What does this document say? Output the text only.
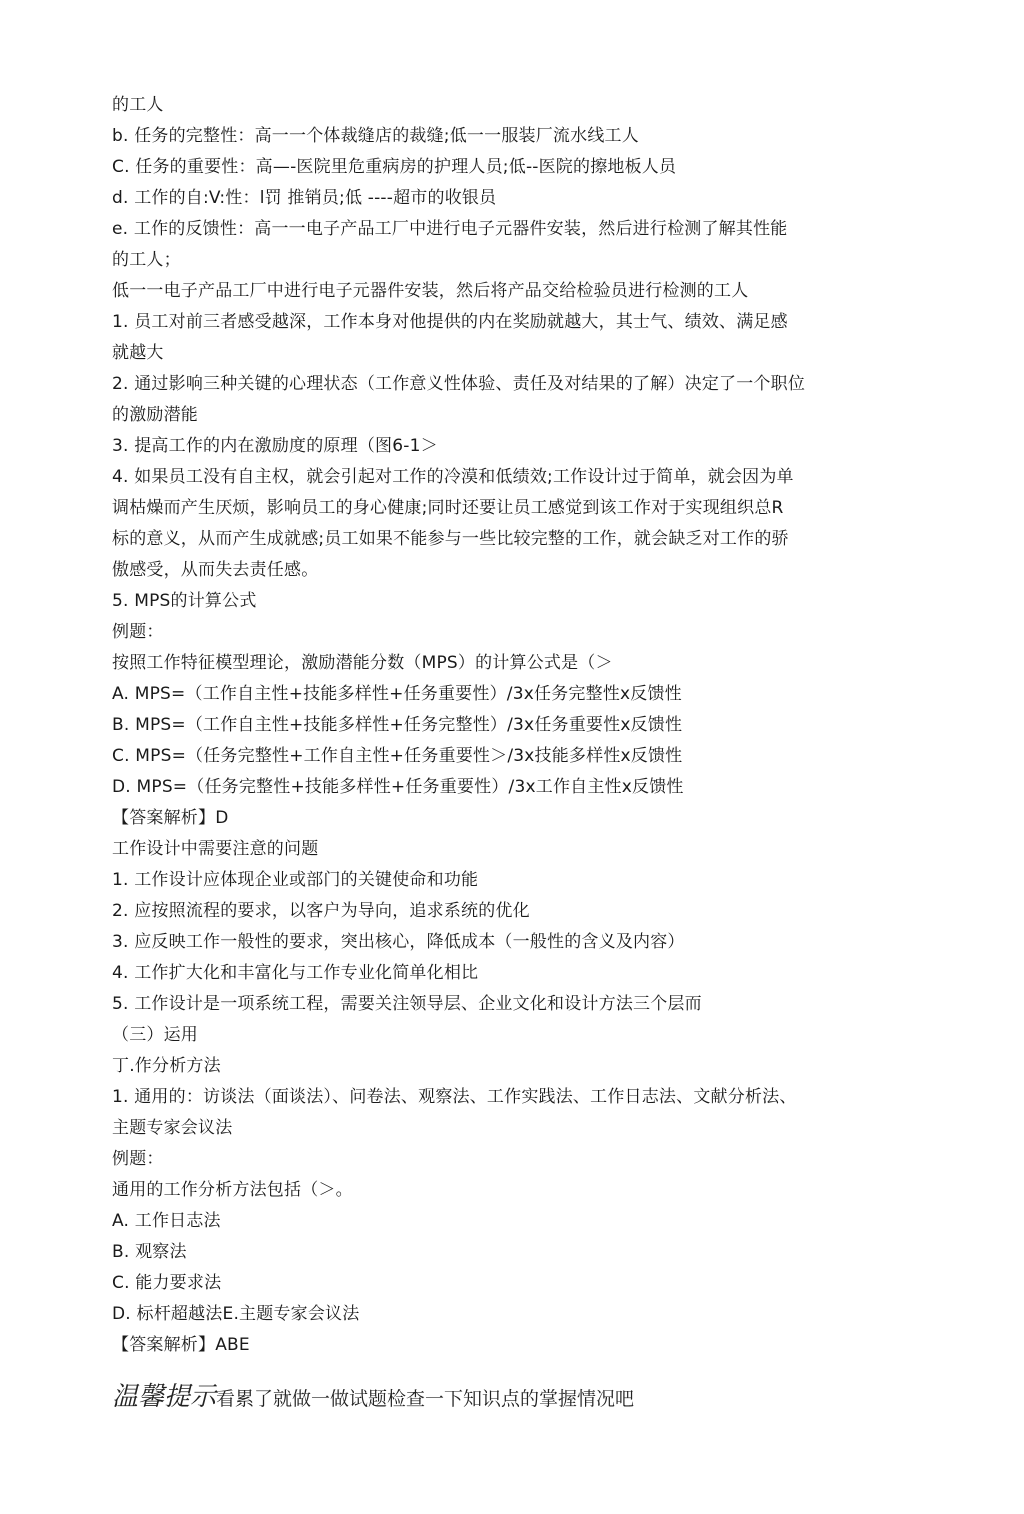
的工人
b. 任务的完整性：高一一个体裁缝店的裁缝;低一一服装厂流水线工人
C. 任务的重要性：高—-医院里危重病房的护理人员;低--医院的擦地板人员
d. 工作的自:V:性：l罚 推销员;低 ----超市的收银员
e. 工作的反馈性：高一一电子产品工厂中进行电子元器件安装，然后进行检测了解其性能
的工人；
低一一电子产品工厂中进行电子元器件安装，然后将产品交给检验员进行检测的工人
1. 员工对前三者感受越深，工作本身对他提供的内在奖励就越大，其士气、绩效、满足感
就越大
2. 通过影响三种关键的心理状态（工作意义性体验、责任及对结果的了解）决定了一个职位
的激励潜能
3. 提高工作的内在激励度的原理（图6-1＞
4. 如果员工没有自主权，就会引起对工作的冷漠和低绩效;工作设计过于简单，就会因为单
调枯燥而产生厌烦，影响员工的身心健康;同时还要让员工感觉到该工作对于实现组织总R
标的意义，从而产生成就感;员工如果不能参与一些比较完整的工作，就会缺乏对工作的骄
傲感受，从而失去责任感。
5. MPS的计算公式
例题：
按照工作特征模型理论，激励潜能分数（MPS）的计算公式是（＞
A. MPS=（工作自主性+技能多样性+任务重要性）/3x任务完整性x反馈性
B. MPS=（工作自主性+技能多样性+任务完整性）/3x任务重要性x反馈性
C. MPS=（任务完整性+工作自主性+任务重要性＞/3x技能多样性x反馈性
D. MPS=（任务完整性+技能多样性+任务重要性）/3x工作自主性x反馈性
【答案解析】D
工作设计中需要注意的问题
1. 工作设计应体现企业或部门的关键使命和功能
2. 应按照流程的要求，以客户为导向，追求系统的优化
3. 应反映工作一般性的要求，突出核心，降低成本（一般性的含义及内容）
4. 工作扩大化和丰富化与工作专业化简单化相比
5. 工作设计是一项系统工程，需要关注领导层、企业文化和设计方法三个层而
（三）运用
丁.作分析方法
1. 通用的：访谈法（面谈法）、问卷法、观察法、工作实践法、工作日志法、文献分析法、
主题专家会议法
例题：
通用的工作分析方法包括（＞。
A. 工作日志法
B. 观察法
C. 能力要求法
D. 标杆超越法E.主题专家会议法
【答案解析】ABE
温馨提示看累了就做一做试题检查一下知识点的掌握情况吧
